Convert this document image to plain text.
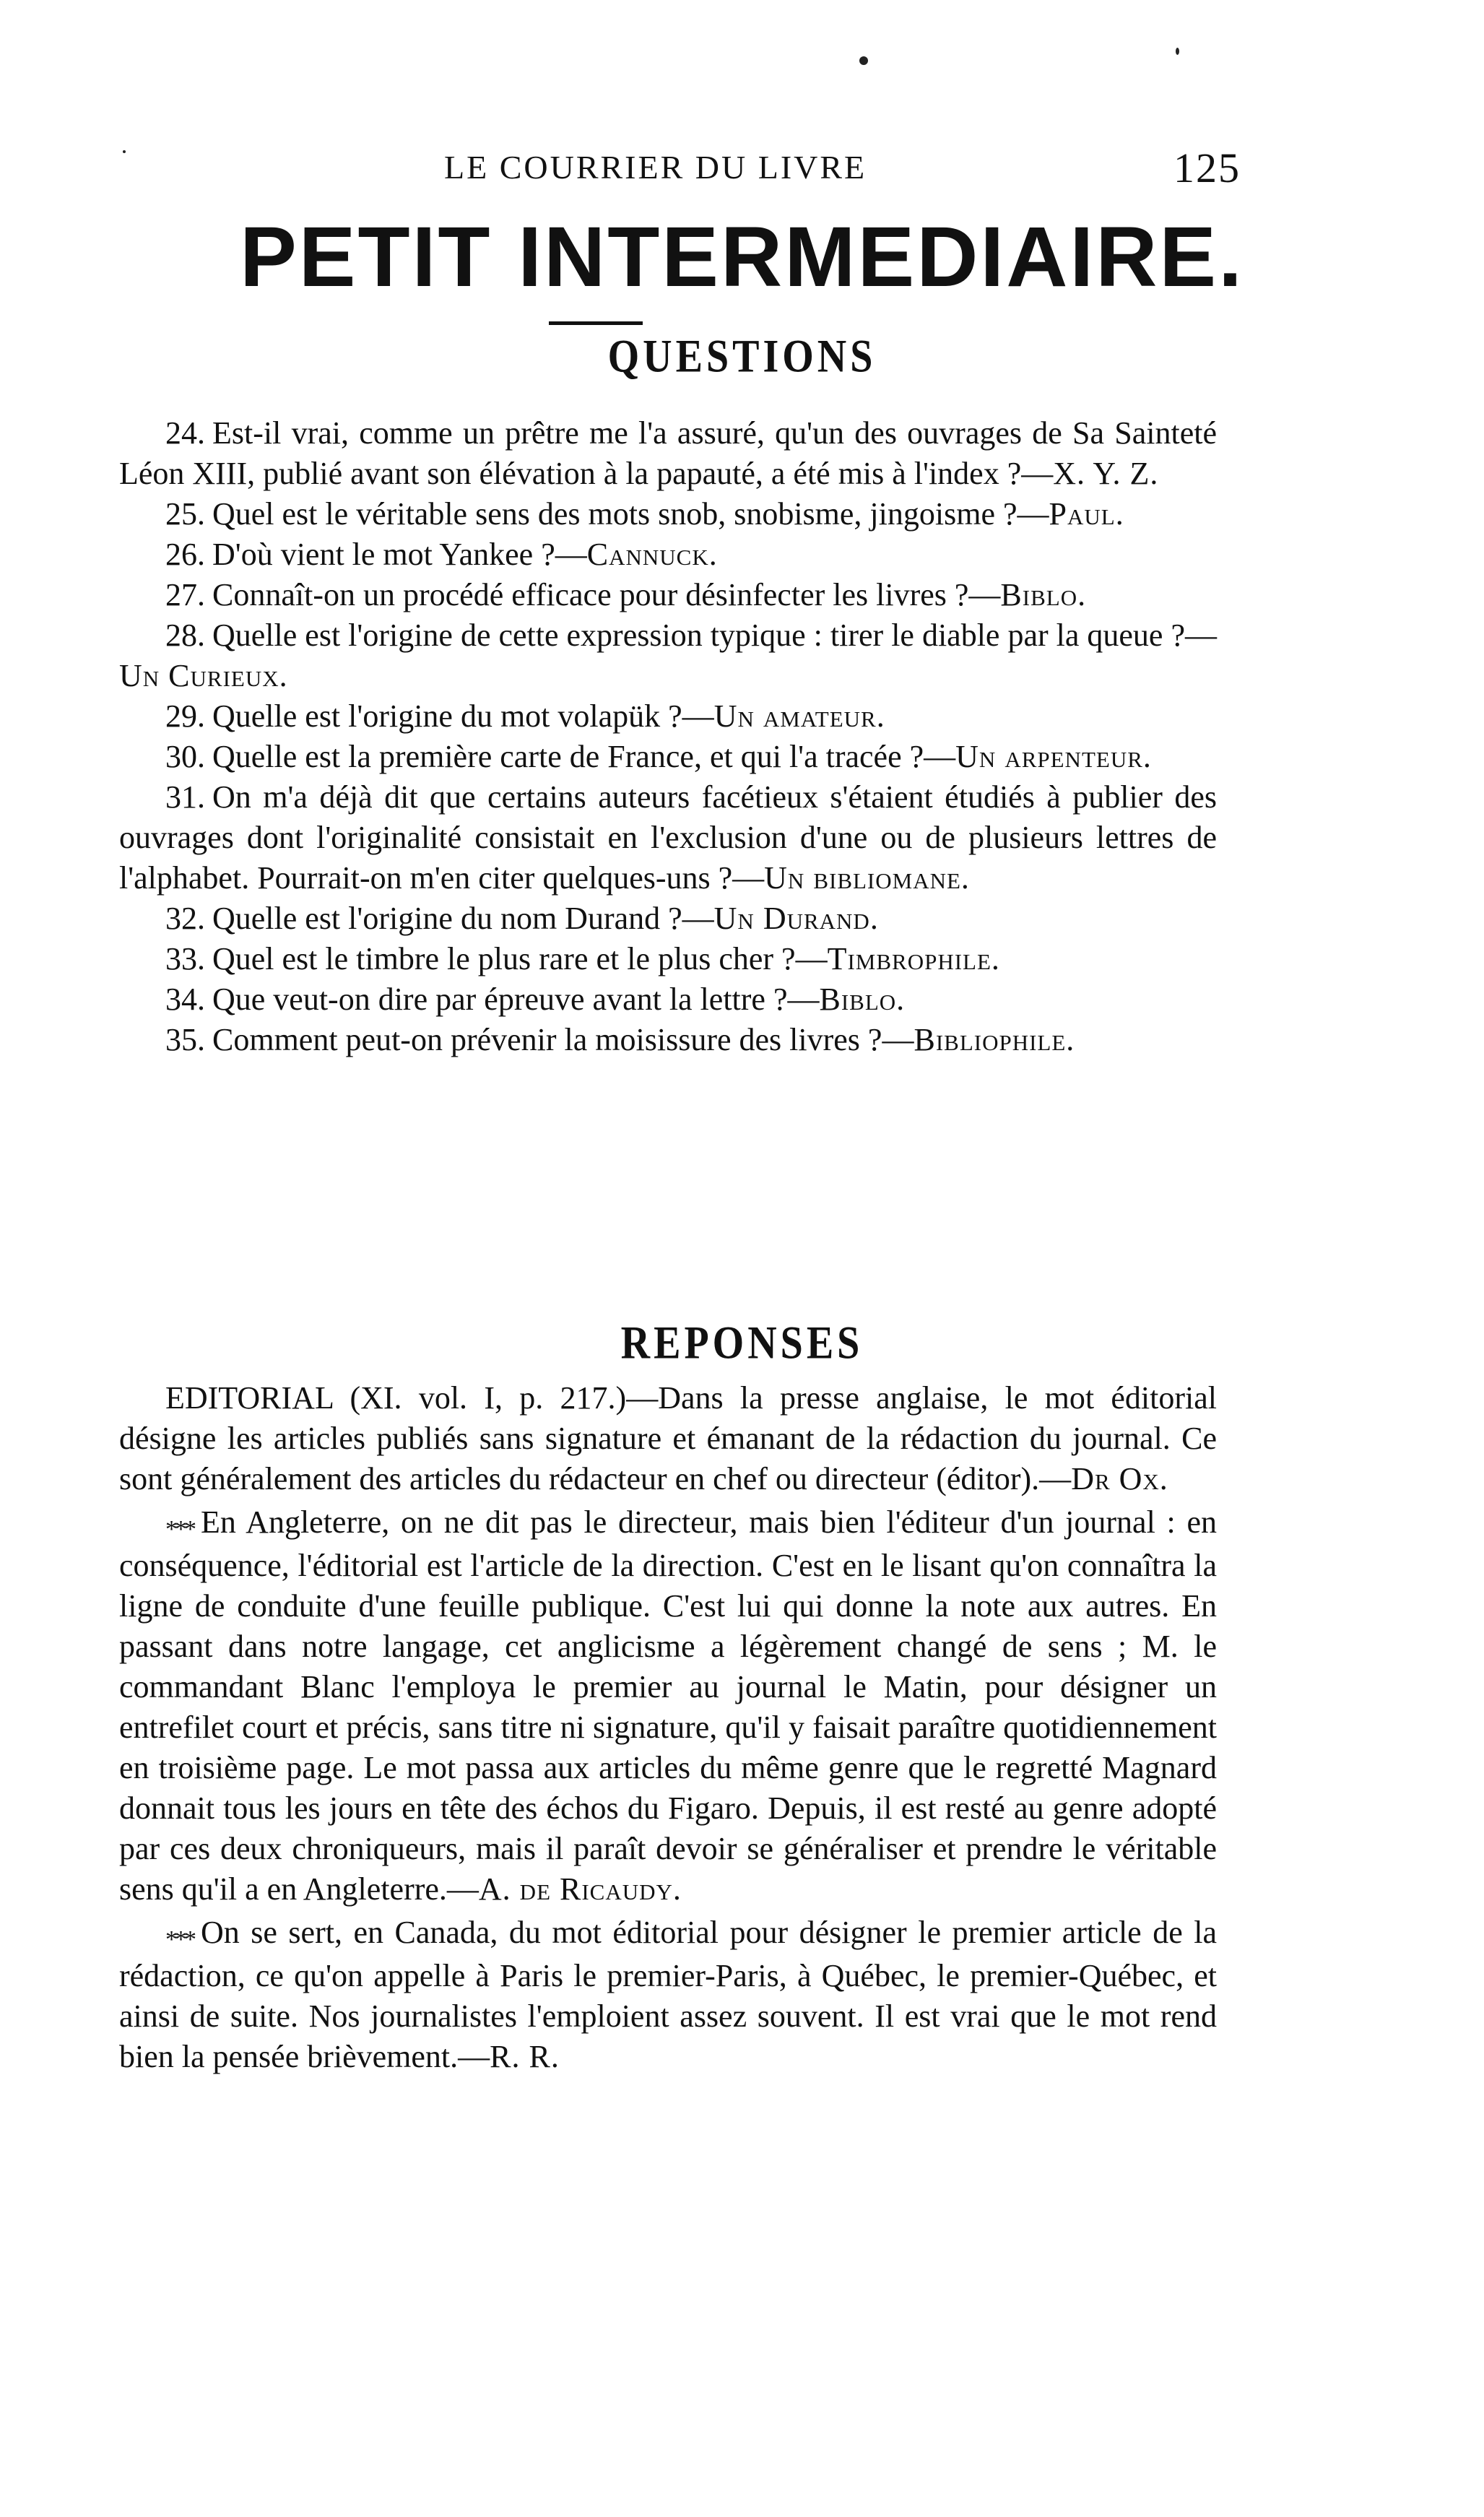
LE COURRIER DU LIVRE	125
PETIT INTERMEDIAIRE.
QUESTIONS

24. Est-il vrai, comme un prêtre me l'a assuré, qu'un des ouvrages de Sa Sainteté Léon XIII, publié avant son élévation à la papauté, a été mis à l'index ?—X. Y. Z.

25. Quel est le véritable sens des mots snob, snobisme, jingoisme ?—Paul.

26. D'où vient le mot Yankee ?—Cannuck.

27. Connaît-on un procédé efficace pour désinfecter les livres ?—Biblo.

28. Quelle est l'origine de cette expression typique : tirer le diable par la queue ?—Un Curieux.

29. Quelle est l'origine du mot volapük ?—Un amateur.

30. Quelle est la première carte de France, et qui l'a tracée ?—Un arpenteur.

31. On m'a déjà dit que certains auteurs facétieux s'étaient étudiés à publier des ouvrages dont l'originalité consistait en l'exclusion d'une ou de plusieurs lettres de l'alphabet. Pourrait-on m'en citer quelques-uns ?—Un bibliomane.

32. Quelle est l'origine du nom Durand ?—Un Durand.

33. Quel est le timbre le plus rare et le plus cher ?—Timbrophile.

34. Que veut-on dire par épreuve avant la lettre ?—Biblo.

35. Comment peut-on prévenir la moisissure des livres ?—Bibliophile.

REPONSES

EDITORIAL (XI. vol. I, p. 217.)—Dans la presse anglaise, le mot éditorial désigne les articles publiés sans signature et émanant de la rédaction du journal. Ce sont généralement des articles du rédacteur en chef ou directeur (éditor).—Dr Ox.

*** En Angleterre, on ne dit pas le directeur, mais bien l'éditeur d'un journal : en conséquence, l'éditorial est l'article de la direction. C'est en le lisant qu'on connaîtra la ligne de conduite d'une feuille publique. C'est lui qui donne la note aux autres. En passant dans notre langage, cet anglicisme a légèrement changé de sens ; M. le commandant Blanc l'employa le premier au journal le Matin, pour désigner un entrefilet court et précis, sans titre ni signature, qu'il y faisait paraître quotidiennement en troisième page. Le mot passa aux articles du même genre que le regretté Magnard donnait tous les jours en tête des échos du Figaro. Depuis, il est resté au genre adopté par ces deux chroniqueurs, mais il paraît devoir se généraliser et prendre le véritable sens qu'il a en Angleterre.—A. de Ricaudy.

*** On se sert, en Canada, du mot éditorial pour désigner le premier article de la rédaction, ce qu'on appelle à Paris le premier-Paris, à Québec, le premier-Québec, et ainsi de suite. Nos journalistes l'emploient assez souvent. Il est vrai que le mot rend bien la pensée brièvement.—R. R.
